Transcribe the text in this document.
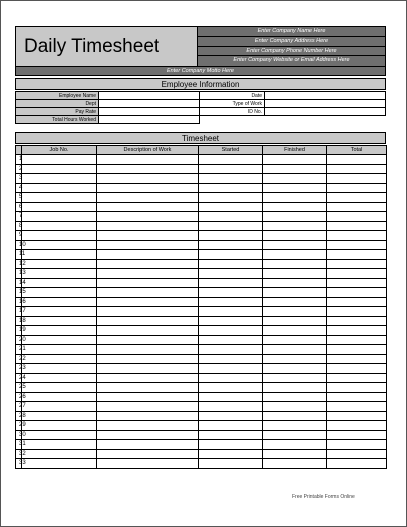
Daily Timesheet
Enter Company Name Here
Enter Company Address Here
Enter Company Phone Number Here
Enter Company Website or Email Address Here
Enter Company Motto Here
Employee Information
Employee Name		Date	
Dept		Type of Work	
Pay Rate		ID No.	
Total Hours Worked			
Timesheet
	Job No.	Description of Work	Started	Finished	Total
1					
2					
3					
4					
5					
6					
7					
8					
9					
10					
11					
12					
13					
14					
15					
16					
17					
18					
19					
20					
21					
22					
23					
24					
25					
26					
27					
28					
29					
30					
31					
32					
33					
Free Printable Forms Online
